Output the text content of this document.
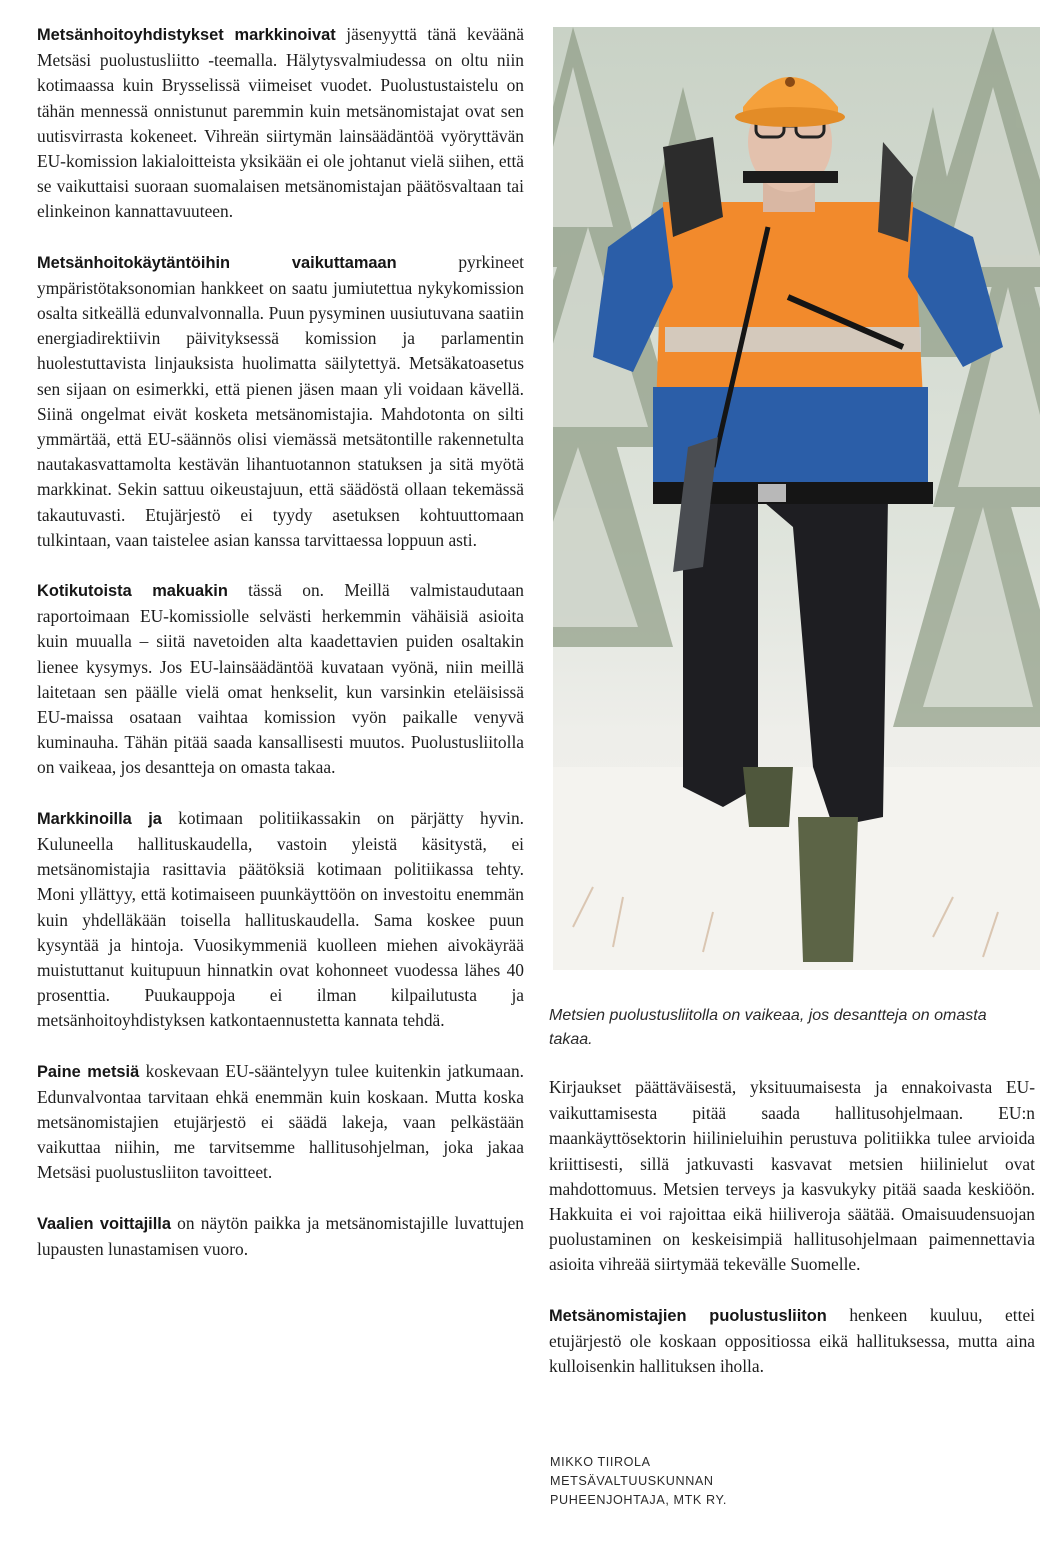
Metsänhoitoyhdistykset markkinoivat jäsenyyttä tänä keväänä Metsäsi puolustusliitto -teemalla. Hälytysvalmiudessa on oltu niin kotimaassa kuin Brysselissä viimeiset vuodet. Puolustustaistelu on tähän mennessä onnistunut paremmin kuin metsänomistajat ovat sen uutisvirrasta kokeneet. Vihreän siirtymän lainsäädäntöä vyöryttävän EU-komission lakialoitteista yksikään ei ole johtanut vielä siihen, että se vaikuttaisi suoraan suomalaisen metsänomistajan päätösvaltaan tai elinkeinon kannattavuuteen.

Metsänhoitokäytäntöihin vaikuttamaan pyrkineet ympäristötaksonomian hankkeet on saatu jumiutettua nykykomission osalta sitkeällä edunvalvonnalla. Puun pysyminen uusiutuvana saatiin energiadirektiivin päivityksessä komission ja parlamentin huolestuttavista linjauksista huolimatta säilytettyä. Metsäkatoasetus sen sijaan on esimerkki, että pienen jäsen maan yli voidaan kävellä. Siinä ongelmat eivät kosketa metsänomistajia. Mahdotonta on silti ymmärtää, että EU-säännös olisi viemässä metsätontille rakennetulta nautakasvattamolta kestävän lihantuotannon statuksen ja sitä myötä markkinat. Sekin sattuu oikeustajuun, että säädöstä ollaan tekemässä takautuvasti. Etujärjestö ei tyydy asetuksen kohtuuttomaan tulkintaan, vaan taistelee asian kanssa tarvittaessa loppuun asti.

Kotikutoista makuakin tässä on. Meillä valmistaudutaan raportoimaan EU-komissiolle selvästi herkemmin vähäisiä asioita kuin muualla – siitä navetoiden alta kaadettavien puiden osaltakin lienee kysymys. Jos EU-lainsäädäntöä kuvataan vyönä, niin meillä laitetaan sen päälle vielä omat henkselit, kun varsinkin eteläisissä EU-maissa osataan vaihtaa komission vyön paikalle venyvä kuminauha. Tähän pitää saada kansallisesti muutos. Puolustusliitolla on vaikeaa, jos desantteja on omasta takaa.

Markkinoilla ja kotimaan politiikassakin on pärjätty hyvin. Kuluneella hallituskaudella, vastoin yleistä käsitystä, ei metsänomistajia rasittavia päätöksiä kotimaan politiikassa tehty. Moni yllättyy, että kotimaiseen puunkäyttöön on investoitu enemmän kuin yhdelläkään toisella hallituskaudella. Sama koskee puun kysyntää ja hintoja. Vuosikymmeniä kuolleen miehen aivokäyrää muistuttanut kuitupuun hinnatkin ovat kohonneet vuodessa lähes 40 prosenttia. Puukauppoja ei ilman kilpailutusta ja metsänhoitoyhdistyksen katkontaennustetta kannata tehdä.

Paine metsiä koskevaan EU-sääntelyyn tulee kuitenkin jatkumaan. Edunvalvontaa tarvitaan ehkä enemmän kuin koskaan. Mutta koska metsänomistajien etujärjestö ei säädä lakeja, vaan pelkästään vaikuttaa niihin, me tarvitsemme hallitusohjelman, joka jakaa Metsäsi puolustusliiton tavoitteet.

Vaalien voittajilla on näytön paikka ja metsänomistajille luvattujen lupausten lunastamisen vuoro.

Metsien puolustusliitolla on vaikeaa, jos desantteja on omasta takaa.

Kirjaukset päättäväisestä, yksituumaisesta ja ennakoivasta EU-vaikuttamisesta pitää saada hallitusohjelmaan. EU:n maankäyttösektorin hiilinieluihin perustuva politiikka tulee arvioida kriittisesti, sillä jatkuvasti kasvavat metsien hiilinielut ovat mahdottomuus. Metsien terveys ja kasvukyky pitää saada keskiöön. Hakkuita ei voi rajoittaa eikä hiiliveroja säätää. Omaisuudensuojan puolustaminen on keskeisimpiä hallitusohjelmaan paimennettavia asioita vihreää siirtymää tekevälle Suomelle.

Metsänomistajien puolustusliiton henkeen kuuluu, ettei etujärjestö ole koskaan oppositiossa eikä hallituksessa, mutta aina kulloisenkin hallituksen iholla.

MIKKO TIIROLA
METSÄVALTUUSKUNNAN
PUHEENJOHTAJA, MTK RY.
